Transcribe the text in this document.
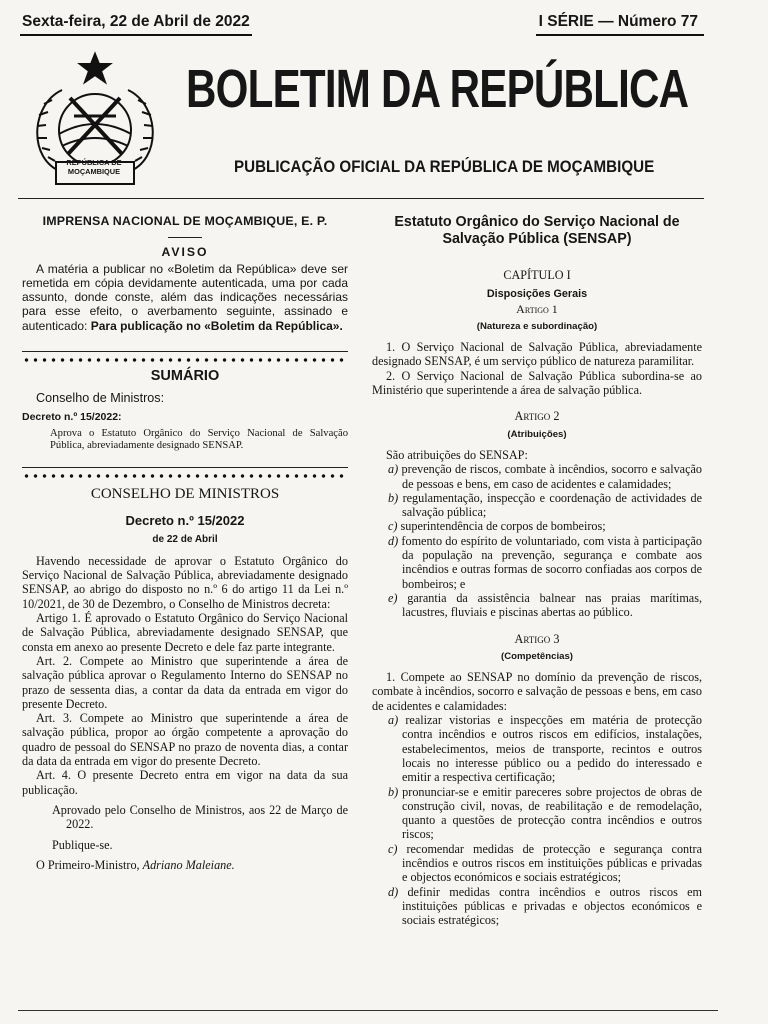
Sexta-feira, 22 de Abril de 2022	I SÉRIE — Número 77
REPÚBLICA DE MOÇAMBIQUE
BOLETIM DA REPÚBLICA
PUBLICAÇÃO OFICIAL DA REPÚBLICA DE MOÇAMBIQUE
IMPRENSA NACIONAL DE MOÇAMBIQUE, E. P.
AVISO

A matéria a publicar no «Boletim da República» deve ser remetida em cópia devidamente autenticada, uma por cada assunto, donde conste, além das indicações necessárias para esse efeito, o averbamento seguinte, assinado e autenticado: Para publicação no «Boletim da República».

SUMÁRIO

Conselho de Ministros:

Decreto n.º 15/2022:

Aprova o Estatuto Orgânico do Serviço Nacional de Salvação Pública, abreviadamente designado SENSAP.

CONSELHO DE MINISTROS
Decreto n.º 15/2022
de 22 de Abril

Havendo necessidade de aprovar o Estatuto Orgânico do Serviço Nacional de Salvação Pública, abreviadamente designado SENSAP, ao abrigo do disposto no n.º 6 do artigo 11 da Lei n.º 10/2021, de 30 de Dezembro, o Conselho de Ministros decreta:

Artigo 1. É aprovado o Estatuto Orgânico do Serviço Nacional de Salvação Pública, abreviadamente designado SENSAP, que consta em anexo ao presente Decreto e dele faz parte integrante.

Art. 2. Compete ao Ministro que superintende a área de salvação pública aprovar o Regulamento Interno do SENSAP no prazo de sessenta dias, a contar da data da entrada em vigor do presente Decreto.

Art. 3. Compete ao Ministro que superintende a área de salvação pública, propor ao órgão competente a aprovação do quadro de pessoal do SENSAP no prazo de noventa dias, a contar da data da entrada em vigor do presente Decreto.

Art. 4. O presente Decreto entra em vigor na data da sua publicação.

Aprovado pelo Conselho de Ministros, aos 22 de Março de 2022.

Publique-se.

O Primeiro-Ministro, Adriano Maleiane.

Estatuto Orgânico do Serviço Nacional de Salvação Pública (SENSAP)
CAPÍTULO I
Disposições Gerais
Artigo 1
(Natureza e subordinação)

1. O Serviço Nacional de Salvação Pública, abreviadamente designado SENSAP, é um serviço público de natureza paramilitar.

2. O Serviço Nacional de Salvação Pública subordina-se ao Ministério que superintende a área de salvação pública.

Artigo 2
(Atribuições)

São atribuições do SENSAP:

a) prevenção de riscos, combate à incêndios, socorro e salvação de pessoas e bens, em caso de acidentes e calamidades;
b) regulamentação, inspecção e coordenação de actividades de salvação pública;
c) superintendência de corpos de bombeiros;
d) fomento do espírito de voluntariado, com vista à participação da população na prevenção, segurança e combate aos incêndios e outras formas de socorro confiadas aos corpos de bombeiros; e
e) garantia da assistência balnear nas praias marítimas, lacustres, fluviais e piscinas abertas ao público.
Artigo 3
(Competências)

1. Compete ao SENSAP no domínio da prevenção de riscos, combate à incêndios, socorro e salvação de pessoas e bens, em caso de acidentes e calamidades:

a) realizar vistorias e inspecções em matéria de protecção contra incêndios e outros riscos em edifícios, instalações, estabelecimentos, meios de transporte, recintos e outros locais no interesse público ou a pedido do interessado e emitir a respectiva certificação;
b) pronunciar-se e emitir pareceres sobre projectos de obras de construção civil, novas, de reabilitação e de remodelação, quanto a questões de protecção contra incêndios e outros riscos;
c) recomendar medidas de protecção e segurança contra incêndios e outros riscos em instituições públicas e privadas e objectos económicos e sociais estratégicos;
d) definir medidas contra incêndios e outros riscos em instituições públicas e privadas e objectos económicos e sociais estratégicos;
